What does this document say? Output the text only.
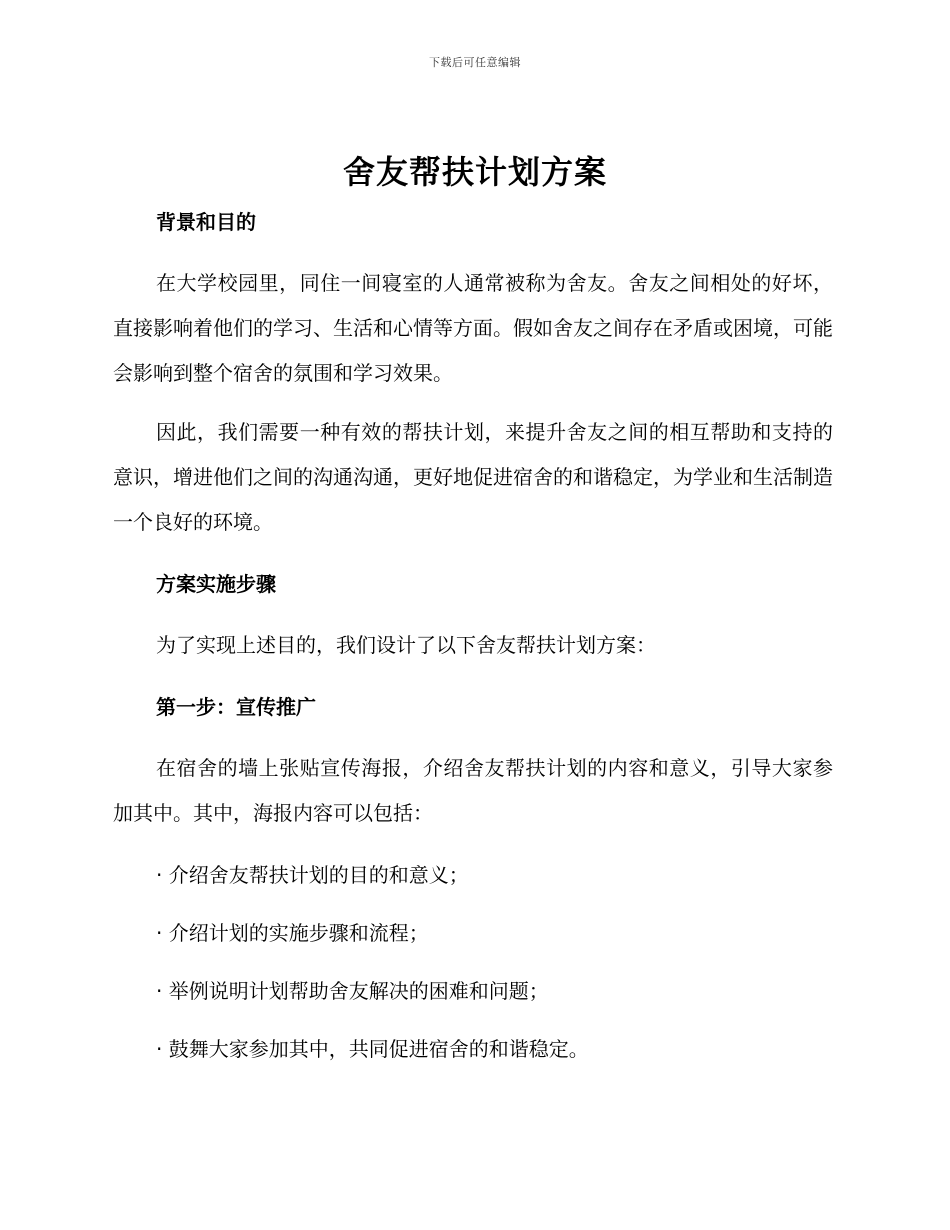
下载后可任意编辑
舍友帮扶计划方案
背景和目的

在大学校园里，同住一间寝室的人通常被称为舍友。舍友之间相处的好坏，直接影响着他们的学习、生活和心情等方面。假如舍友之间存在矛盾或困境，可能会影响到整个宿舍的氛围和学习效果。

因此，我们需要一种有效的帮扶计划，来提升舍友之间的相互帮助和支持的意识，增进他们之间的沟通沟通，更好地促进宿舍的和谐稳定，为学业和生活制造一个良好的环境。

方案实施步骤

为了实现上述目的，我们设计了以下舍友帮扶计划方案：

第一步：宣传推广

在宿舍的墙上张贴宣传海报，介绍舍友帮扶计划的内容和意义，引导大家参加其中。其中，海报内容可以包括：

· 介绍舍友帮扶计划的目的和意义；
· 介绍计划的实施步骤和流程；
· 举例说明计划帮助舍友解决的困难和问题；
· 鼓舞大家参加其中，共同促进宿舍的和谐稳定。
